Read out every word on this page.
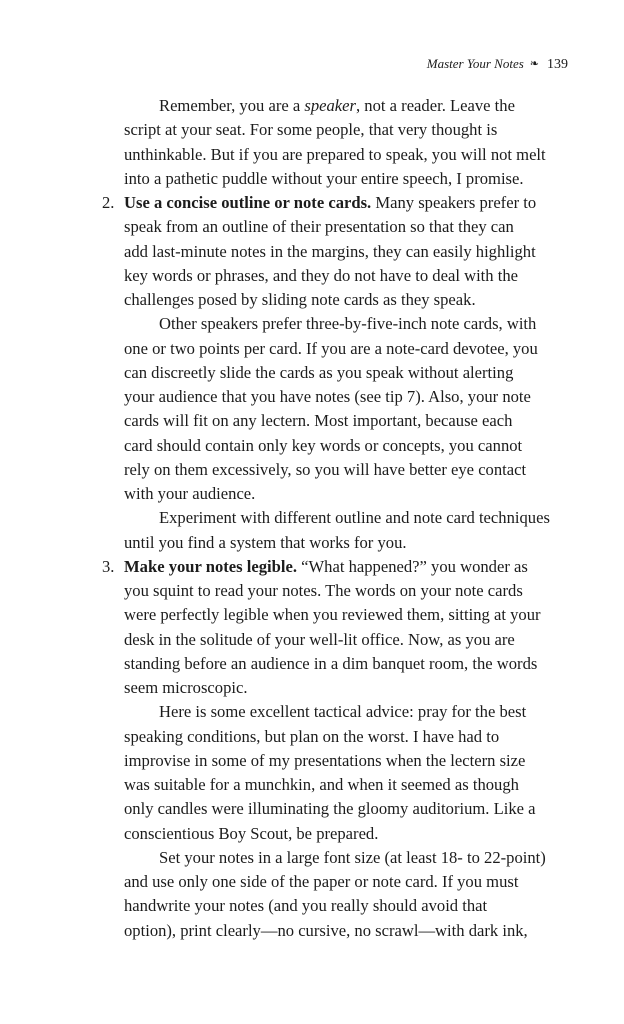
Master Your Notes ❧ 139
Remember, you are a speaker, not a reader. Leave the
script at your seat. For some people, that very thought is
unthinkable. But if you are prepared to speak, you will not melt
into a pathetic puddle without your entire speech, I promise.
2. Use a concise outline or note cards. Many speakers prefer to
speak from an outline of their presentation so that they can
add last-minute notes in the margins, they can easily highlight
key words or phrases, and they do not have to deal with the
challenges posed by sliding note cards as they speak.
Other speakers prefer three-by-five-inch note cards, with
one or two points per card. If you are a note-card devotee, you
can discreetly slide the cards as you speak without alerting
your audience that you have notes (see tip 7). Also, your note
cards will fit on any lectern. Most important, because each
card should contain only key words or concepts, you cannot
rely on them excessively, so you will have better eye contact
with your audience.
Experiment with different outline and note card techniques
until you find a system that works for you.
3. Make your notes legible. “What happened?” you wonder as
you squint to read your notes. The words on your note cards
were perfectly legible when you reviewed them, sitting at your
desk in the solitude of your well-lit office. Now, as you are
standing before an audience in a dim banquet room, the words
seem microscopic.
Here is some excellent tactical advice: pray for the best
speaking conditions, but plan on the worst. I have had to
improvise in some of my presentations when the lectern size
was suitable for a munchkin, and when it seemed as though
only candles were illuminating the gloomy auditorium. Like a
conscientious Boy Scout, be prepared.
Set your notes in a large font size (at least 18- to 22-point)
and use only one side of the paper or note card. If you must
handwrite your notes (and you really should avoid that
option), print clearly—no cursive, no scrawl—with dark ink,
